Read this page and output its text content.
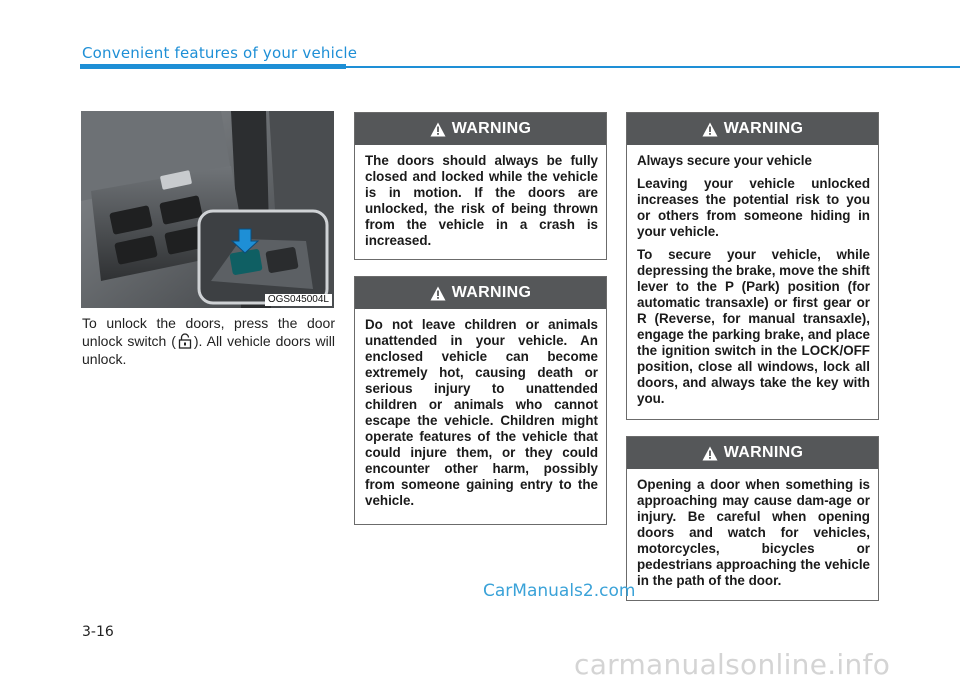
Convenient features of your vehicle
OGS045004L
To unlock the doors, press the door unlock switch ( ). All vehicle doors will unlock.
WARNING

The doors should always be fully closed and locked while the vehicle is in motion. If the doors are unlocked, the risk of being thrown from the vehicle in a crash is increased.

WARNING

Do not leave children or animals unattended in your vehicle. An enclosed vehicle can become extremely hot, causing death or serious injury to unattended children or animals who cannot escape the vehicle. Children might operate features of the vehicle that could injure them, or they could encounter other harm, possibly from someone gaining entry to the vehicle.

WARNING

Always secure your vehicle

Leaving your vehicle unlocked increases the potential risk to you or others from someone hiding in your vehicle.

To secure your vehicle, while depressing the brake, move the shift lever to the P (Park) position (for automatic transaxle) or first gear or R (Reverse, for manual transaxle), engage the parking brake, and place the ignition switch in the LOCK/OFF position, close all windows, lock all doors, and always take the key with you.

WARNING

Opening a door when something is approaching may cause dam-age or injury. Be careful when opening doors and watch for vehicles, motorcycles, bicycles or pedestrians approaching the vehicle in the path of the door.

CarManuals2.com
3-16
carmanualsonline.info
